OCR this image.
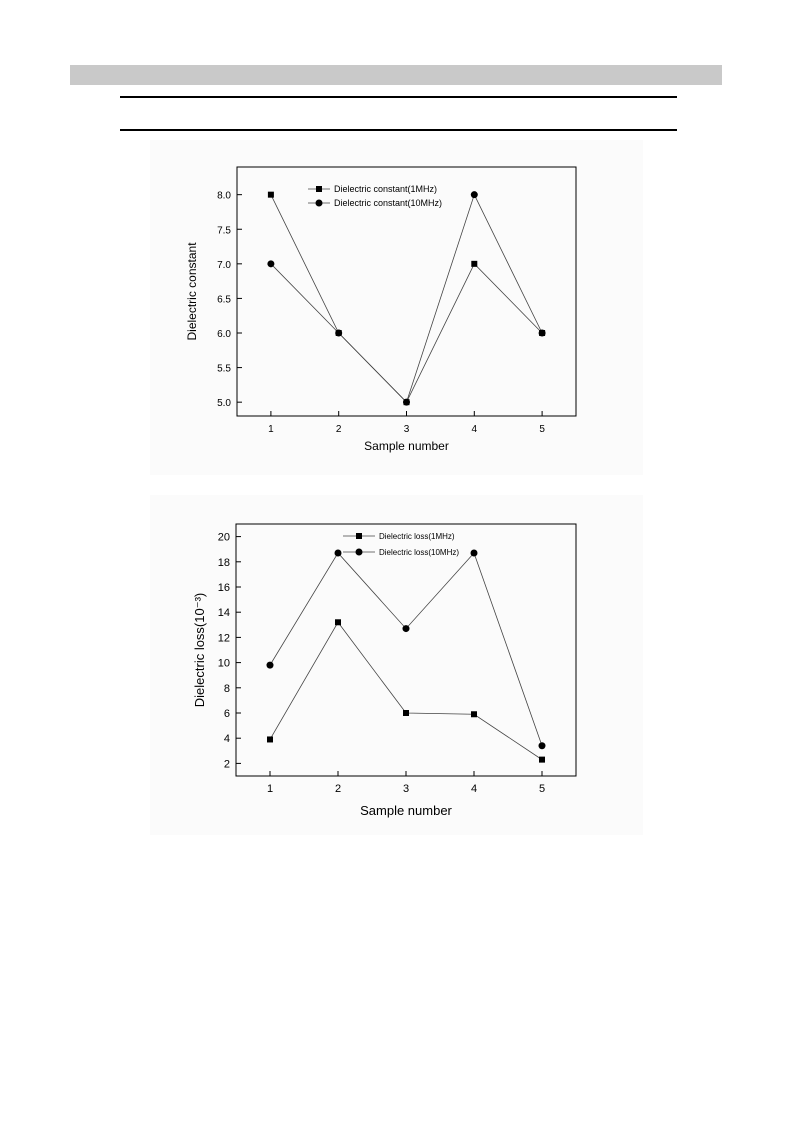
1	2	3	4	5
5.0
5.5
6.0
6.5
7.0
7.5
8.0
Sample number
Dielectric constant
Dielectric constant(1MHz)
Dielectric constant(10MHz)
1	2	3	4	5
2
4
6
8
10
12
14
16
18
20
Sample number
Dielectric loss(10⁻³)
Dielectric loss(1MHz)
Dielectric loss(10MHz)
